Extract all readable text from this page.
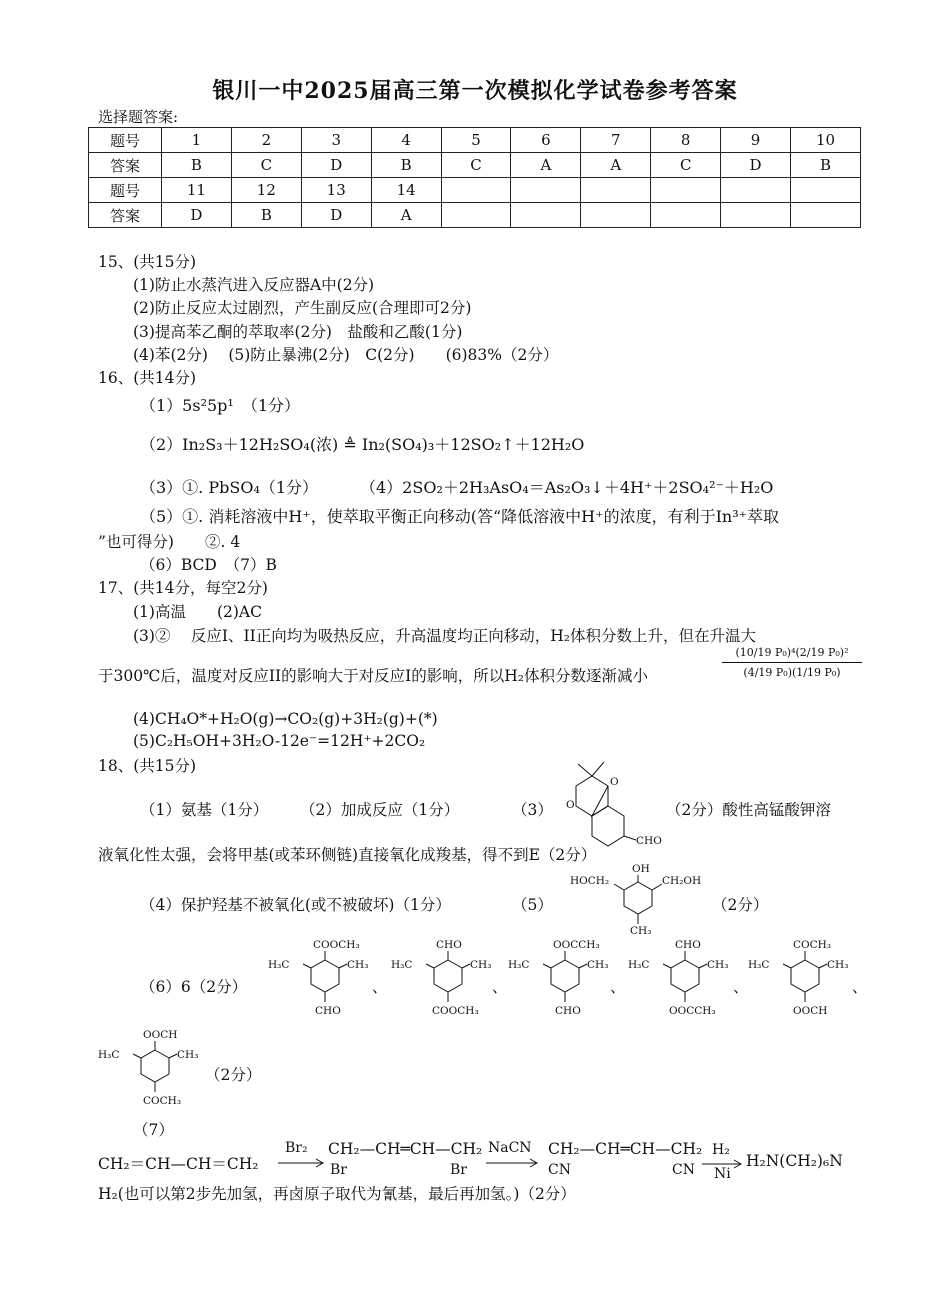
银川一中2025届高三第一次模拟化学试卷参考答案
选择题答案:
题号	1	2	3	4	5	6	7	8	9	10
答案	B	C	D	B	C	A	A	C	D	B
题号	11	12	13	14						
答案	D	B	D	A						
15、(共15分)
(1)防止水蒸汽进入反应器A中(2分)
(2)防止反应太过剧烈，产生副反应(合理即可2分)
(3)提高苯乙酮的萃取率(2分)　盐酸和乙酸(1分)
(4)苯(2分)　 (5)防止暴沸(2分)　C(2分)　　(6)83%（2分）
16、(共14分)
（1）5s²5p¹　（1分）
（2）In₂S₃＋12H₂SO₄(浓) ≜ In₂(SO₄)₃＋12SO₂↑＋12H₂O
（3）①. PbSO₄（1分）	（4）2SO₂＋2H₃AsO₄＝As₂O₃↓＋4H⁺＋2SO₄²⁻＋H₂O
（5）①. 消耗溶液中H⁺，使萃取平衡正向移动(答“降低溶液中H⁺的浓度，有利于In³⁺萃取
”也可得分)　　②. 4
（6）BCD　（7）B
17、(共14分，每空2分)
(1)高温　　(2)AC
(3)②　 反应I、II正向均为吸热反应，升高温度均正向移动，H₂体积分数上升，但在升温大
于300℃后，温度对反应II的影响大于对反应I的影响，所以H₂体积分数逐渐减小
(10/19 P₀)⁴(2/19 P₀)²
(4/19 P₀)(1/19 P₀)
(4)CH₄O*+H₂O(g)→CO₂(g)+3H₂(g)+(*)
(5)C₂H₅OH+3H₂O-12e⁻=12H⁺+2CO₂
18、(共15分)
（1）氨基（1分） （2）加成反应（1分）	（3） O
O
CHO
（2分）酸性高锰酸钾溶
液氧化性太强，会将甲基(或苯环侧链)直接氧化成羧基，得不到E（2分）
（4）保护羟基不被氧化(或不被破坏)（1分）	（5）
OH
HOCH₂	CH₂OH
CH₃
（2分）
（6）6（2分）
COOCH₃
H₃C	CH₃
CHO
、
CHO
H₃C	CH₃
COOCH₃
、
OOCCH₃
H₃C	CH₃
CHO
、
CHO
H₃C	CH₃
OOCCH₃
、
COCH₃
H₃C	CH₃
OOCH
、
OOCH
H₃C	CH₃
COCH₃
（2分）
（7）
CH₂＝CH—CH＝CH₂
Br₂ CH₂—CH═CH—CH₂
Br	Br
NaCN CH₂—CH═CH—CH₂
CN	CN
H₂
Ni
H₂N(CH₂)₆N
H₂(也可以第2步先加氢，再卤原子取代为氰基，最后再加氢。)（2分）
